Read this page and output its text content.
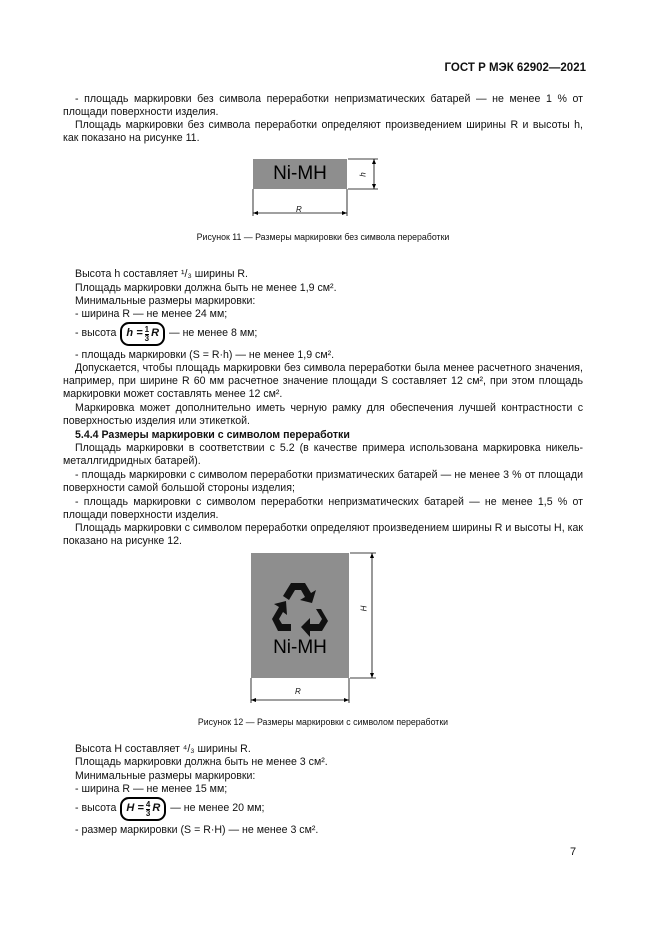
ГОСТ Р МЭК 62902—2021
- площадь маркировки без символа переработки непризматических батарей — не менее 1 % от площади поверхности изделия.
Площадь маркировки без символа переработки определяют произведением ширины R и высоты h, как показано на рисунке 11.
Ni-MH	h
R
Рисунок 11 — Размеры маркировки без символа переработки
Высота h составляет ¹/₃ ширины R.
Площадь маркировки должна быть не менее 1,9 см².
Минимальные размеры маркировки:
- ширина R — не менее 24 мм;
- высота $h = \frac{1}{3}$ R — не менее 8 мм;
- площадь маркировки (S = R·h) — не менее 1,9 см².
Допускается, чтобы площадь маркировки без символа переработки была менее расчетного значения, например, при ширине R 60 мм расчетное значение площади S составляет 12 см², при этом площадь маркировки может составлять менее 12 см².
Маркировка может дополнительно иметь черную рамку для обеспечения лучшей контрастности с поверхностью изделия или этикеткой.
5.4.4 Размеры маркировки с символом переработки
Площадь маркировки в соответствии с 5.2 (в качестве примера использована маркировка никель-металлгидридных батарей).
- площадь маркировки с символом переработки призматических батарей — не менее 3 % от площади поверхности самой большой стороны изделия;
- площадь маркировки с символом переработки непризматических батарей — не менее 1,5 % от площади поверхности изделия.
Площадь маркировки с символом переработки определяют произведением ширины R и высоты H, как показано на рисунке 12.
Ni-MH
H
R
Рисунок 12 — Размеры маркировки с символом переработки
Высота H составляет ⁴/₃ ширины R.
Площадь маркировки должна быть не менее 3 см².
Минимальные размеры маркировки:
- ширина R — не менее 15 мм;
- высота $H = \frac{4}{3}$ R — не менее 20 мм;
- размер маркировки (S = R·H) — не менее 3 см².
7
